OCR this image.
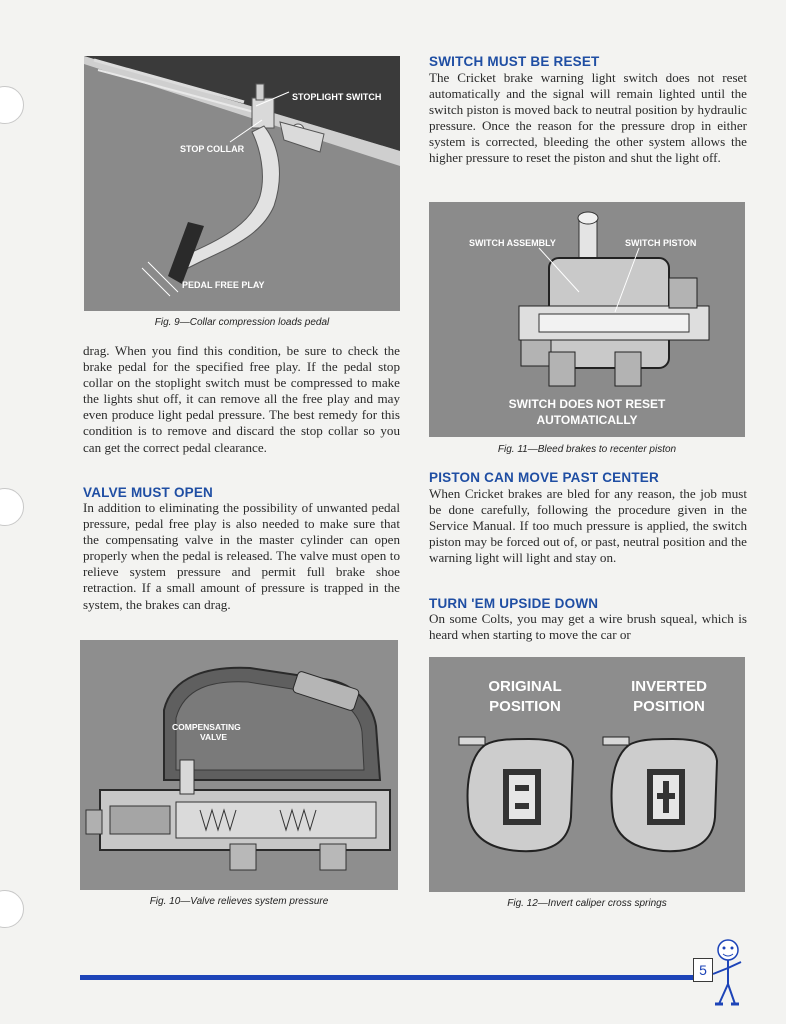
STOPLIGHT SWITCH
STOP COLLAR
PEDAL FREE PLAY
Fig. 9—Collar compression loads pedal

drag. When you find this condition, be sure to check the brake pedal for the specified free play. If the pedal stop collar on the stoplight switch must be compressed to make the lights shut off, it can remove all the free play and may even produce light pedal pressure. The best remedy for this condition is to remove and discard the stop collar so you can get the correct pedal clearance.

VALVE MUST OPEN

In addition to eliminating the possibility of unwanted pedal pressure, pedal free play is also needed to make sure that the compensating valve in the master cylinder can open properly when the pedal is released. The valve must open to relieve system pressure and permit full brake shoe retraction. If a small amount of pressure is trapped in the system, the brakes can drag.

COMPENSATING
VALVE
Fig. 10—Valve relieves system pressure
SWITCH MUST BE RESET

The Cricket brake warning light switch does not reset automatically and the signal will remain lighted until the switch piston is moved back to neutral position by hydraulic pressure. Once the reason for the pressure drop in either system is corrected, bleeding the other system allows the higher pressure to reset the piston and shut the light off.

SWITCH ASSEMBLY	SWITCH PISTON
SWITCH DOES NOT RESET
AUTOMATICALLY
Fig. 11—Bleed brakes to recenter piston
PISTON CAN MOVE PAST CENTER

When Cricket brakes are bled for any reason, the job must be done carefully, following the procedure given in the Service Manual. If too much pressure is applied, the switch piston may be forced out of, or past, neutral position and the warning light will light and stay on.

TURN 'EM UPSIDE DOWN

On some Colts, you may get a wire brush squeal, which is heard when starting to move the car or

ORIGINAL
POSITION
INVERTED
POSITION
Fig. 12—Invert caliper cross springs
5
